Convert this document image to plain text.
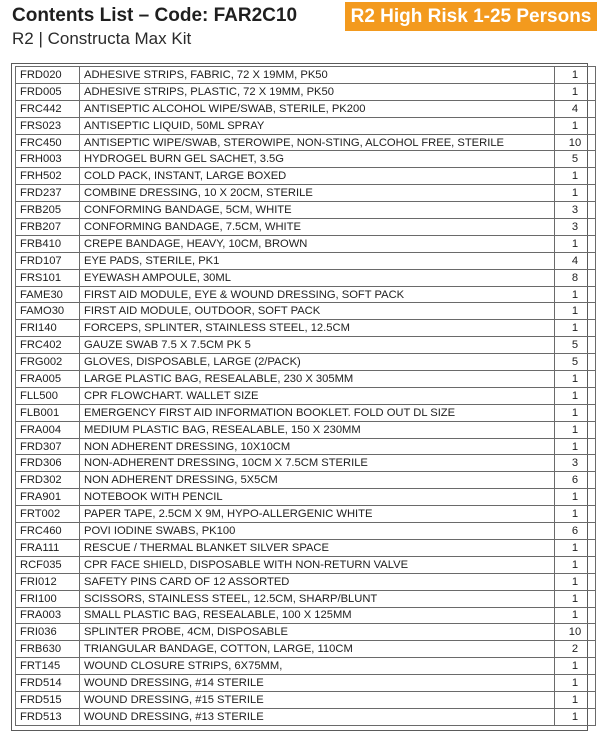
Contents List – Code: FAR2C10
R2 | Constructa Max Kit
R2 High Risk 1-25 Persons
FRD020	ADHESIVE STRIPS, FABRIC, 72 X 19MM, PK50	1
FRD005	ADHESIVE STRIPS, PLASTIC, 72 X 19MM, PK50	1
FRC442	ANTISEPTIC ALCOHOL WIPE/SWAB, STERILE, PK200	4
FRS023	ANTISEPTIC LIQUID, 50ML SPRAY	1
FRC450	ANTISEPTIC WIPE/SWAB, STEROWIPE, NON-STING, ALCOHOL FREE, STERILE	10
FRH003	HYDROGEL BURN GEL SACHET, 3.5G	5
FRH502	COLD PACK, INSTANT, LARGE BOXED	1
FRD237	COMBINE DRESSING, 10 X 20CM, STERILE	1
FRB205	CONFORMING BANDAGE, 5CM, WHITE	3
FRB207	CONFORMING BANDAGE, 7.5CM, WHITE	3
FRB410	CREPE BANDAGE, HEAVY, 10CM, BROWN	1
FRD107	EYE PADS, STERILE, PK1	4
FRS101	EYEWASH AMPOULE, 30ML	8
FAME30	FIRST AID MODULE, EYE & WOUND DRESSING, SOFT PACK	1
FAMO30	FIRST AID MODULE, OUTDOOR, SOFT PACK	1
FRI140	FORCEPS, SPLINTER, STAINLESS STEEL, 12.5CM	1
FRC402	GAUZE SWAB 7.5 X 7.5CM PK 5	5
FRG002	GLOVES, DISPOSABLE, LARGE (2/PACK)	5
FRA005	LARGE PLASTIC BAG, RESEALABLE, 230 X 305MM	1
FLL500	CPR FLOWCHART. WALLET SIZE	1
FLB001	EMERGENCY FIRST AID INFORMATION BOOKLET. FOLD OUT DL SIZE	1
FRA004	MEDIUM PLASTIC BAG, RESEALABLE, 150 X 230MM	1
FRD307	NON ADHERENT DRESSING, 10X10CM	1
FRD306	NON-ADHERENT DRESSING, 10CM X 7.5CM STERILE	3
FRD302	NON ADHERENT DRESSING, 5X5CM	6
FRA901	NOTEBOOK WITH PENCIL	1
FRT002	PAPER TAPE, 2.5CM X 9M, HYPO-ALLERGENIC WHITE	1
FRC460	POVI IODINE SWABS, PK100	6
FRA111	RESCUE / THERMAL BLANKET SILVER SPACE	1
RCF035	CPR FACE SHIELD, DISPOSABLE WITH NON-RETURN VALVE	1
FRI012	SAFETY PINS CARD OF 12 ASSORTED	1
FRI100	SCISSORS, STAINLESS STEEL, 12.5CM, SHARP/BLUNT	1
FRA003	SMALL PLASTIC BAG, RESEALABLE, 100 X 125MM	1
FRI036	SPLINTER PROBE, 4CM, DISPOSABLE	10
FRB630	TRIANGULAR BANDAGE, COTTON, LARGE, 110CM	2
FRT145	WOUND CLOSURE STRIPS, 6X75MM,	1
FRD514	WOUND DRESSING, #14 STERILE	1
FRD515	WOUND DRESSING, #15 STERILE	1
FRD513	WOUND DRESSING, #13 STERILE	1
